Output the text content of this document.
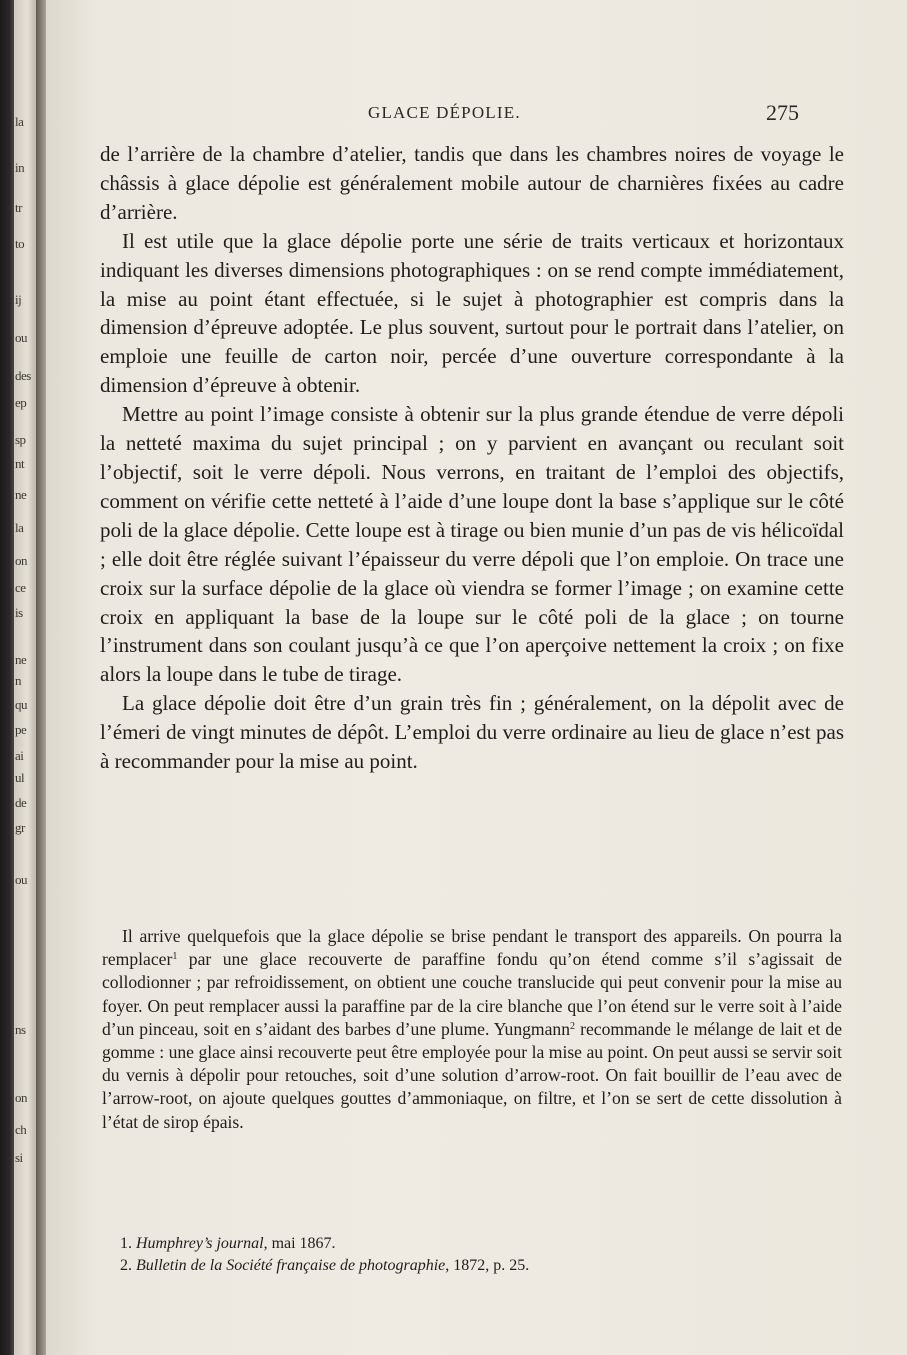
la
in
tr
to
ij
ou
des
ep
sp
nt
ne
la
on
ce
is
ne
n
qu
pe
ai
ul
de
gr
ou
ns
on
ch
si
GLACE DÉPOLIE.	275

de l’arrière de la chambre d’atelier, tandis que dans les chambres noires de voyage le châssis à glace dépolie est généralement mobile autour de charnières fixées au cadre d’arrière.

Il est utile que la glace dépolie porte une série de traits verticaux et horizontaux indiquant les diverses dimensions photographiques : on se rend compte immédiatement, la mise au point étant effectuée, si le sujet à photographier est compris dans la dimension d’épreuve adoptée. Le plus souvent, surtout pour le portrait dans l’atelier, on emploie une feuille de carton noir, percée d’une ouverture correspondante à la dimension d’épreuve à obtenir.

Mettre au point l’image consiste à obtenir sur la plus grande étendue de verre dépoli la netteté maxima du sujet principal ; on y parvient en avançant ou reculant soit l’objectif, soit le verre dépoli. Nous verrons, en traitant de l’emploi des objectifs, comment on vérifie cette netteté à l’aide d’une loupe dont la base s’applique sur le côté poli de la glace dépolie. Cette loupe est à tirage ou bien munie d’un pas de vis hélicoïdal ; elle doit être réglée suivant l’épaisseur du verre dépoli que l’on emploie. On trace une croix sur la surface dépolie de la glace où viendra se former l’image ; on examine cette croix en appliquant la base de la loupe sur le côté poli de la glace ; on tourne l’instrument dans son coulant jusqu’à ce que l’on aperçoive nettement la croix ; on fixe alors la loupe dans le tube de tirage.

La glace dépolie doit être d’un grain très fin ; généralement, on la dépolit avec de l’émeri de vingt minutes de dépôt. L’emploi du verre ordinaire au lieu de glace n’est pas à recommander pour la mise au point.

Il arrive quelquefois que la glace dépolie se brise pendant le transport des appareils. On pourra la remplacer$^1$ par une glace recouverte de paraffine fondu qu’on étend comme s’il s’agissait de collodionner ; par refroidissement, on obtient une couche translucide qui peut convenir pour la mise au foyer. On peut remplacer aussi la paraffine par de la cire blanche que l’on étend sur le verre soit à l’aide d’un pinceau, soit en s’aidant des barbes d’une plume. Yungmann$^2$ recommande le mélange de lait et de gomme : une glace ainsi recouverte peut être employée pour la mise au point. On peut aussi se servir soit du vernis à dépolir pour retouches, soit d’une solution d’arrow-root. On fait bouillir de l’eau avec de l’arrow-root, on ajoute quelques gouttes d’ammoniaque, on filtre, et l’on se sert de cette dissolution à l’état de sirop épais.

1. Humphrey’s journal, mai 1867.
2. Bulletin de la Société française de photographie, 1872, p. 25.
